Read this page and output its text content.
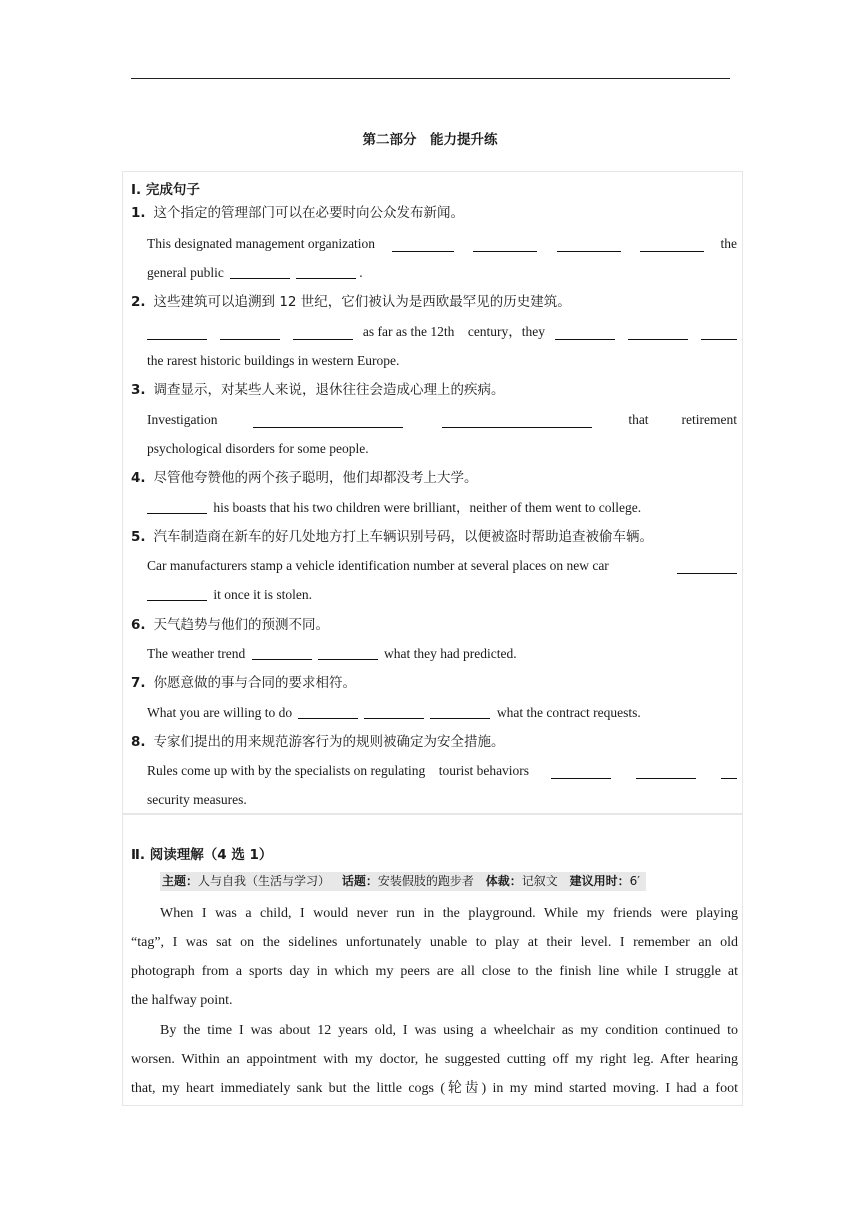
第二部分　能力提升练
Ⅰ. 完成句子
1. 这个指定的管理部门可以在必要时向公众发布新闻。
This designated management organization	the
general public	.
2. 这些建筑可以追溯到 12 世纪，它们被认为是西欧最罕见的历史建筑。
as far as the 12th　century，they
the rarest historic buildings in western Europe.
3. 调查显示，对某些人来说，退休往往会造成心理上的疾病。
Investigation	that retirement
psychological disorders for some people.
4. 尽管他夸赞他的两个孩子聪明，他们却都没考上大学。
his boasts that his two children were brilliant，neither of them went to college.
5. 汽车制造商在新车的好几处地方打上车辆识别号码，以便被盗时帮助追查被偷车辆。
Car manufacturers stamp a vehicle identification number at several places on new car
it once it is stolen.
6. 天气趋势与他们的预测不同。
The weather trend	what they had predicted.
7. 你愿意做的事与合同的要求相符。
What you are willing to do	what the contract requests.
8. 专家们提出的用来规范游客行为的规则被确定为安全措施。
Rules come up with by the specialists on regulating　tourist behaviors
security measures.
Ⅱ. 阅读理解（4 选 1）
主题：人与自我（生活与学习） 话题：安装假肢的跑步者 体裁：记叙文 建议用时：6′
When I was a child, I would never run in the playground. While my friends were playing
“tag”, I was sat on the sidelines unfortunately unable to play at their level. I remember an old
photograph from a sports day in which my peers are all close to the finish line while I struggle at
the halfway point.
By the time I was about 12 years old, I was using a wheelchair as my condition continued to
worsen. Within an appointment with my doctor, he suggested cutting off my right leg. After hearing
that, my heart immediately sank but the little cogs (轮齿) in my mind started moving. I had a foot
